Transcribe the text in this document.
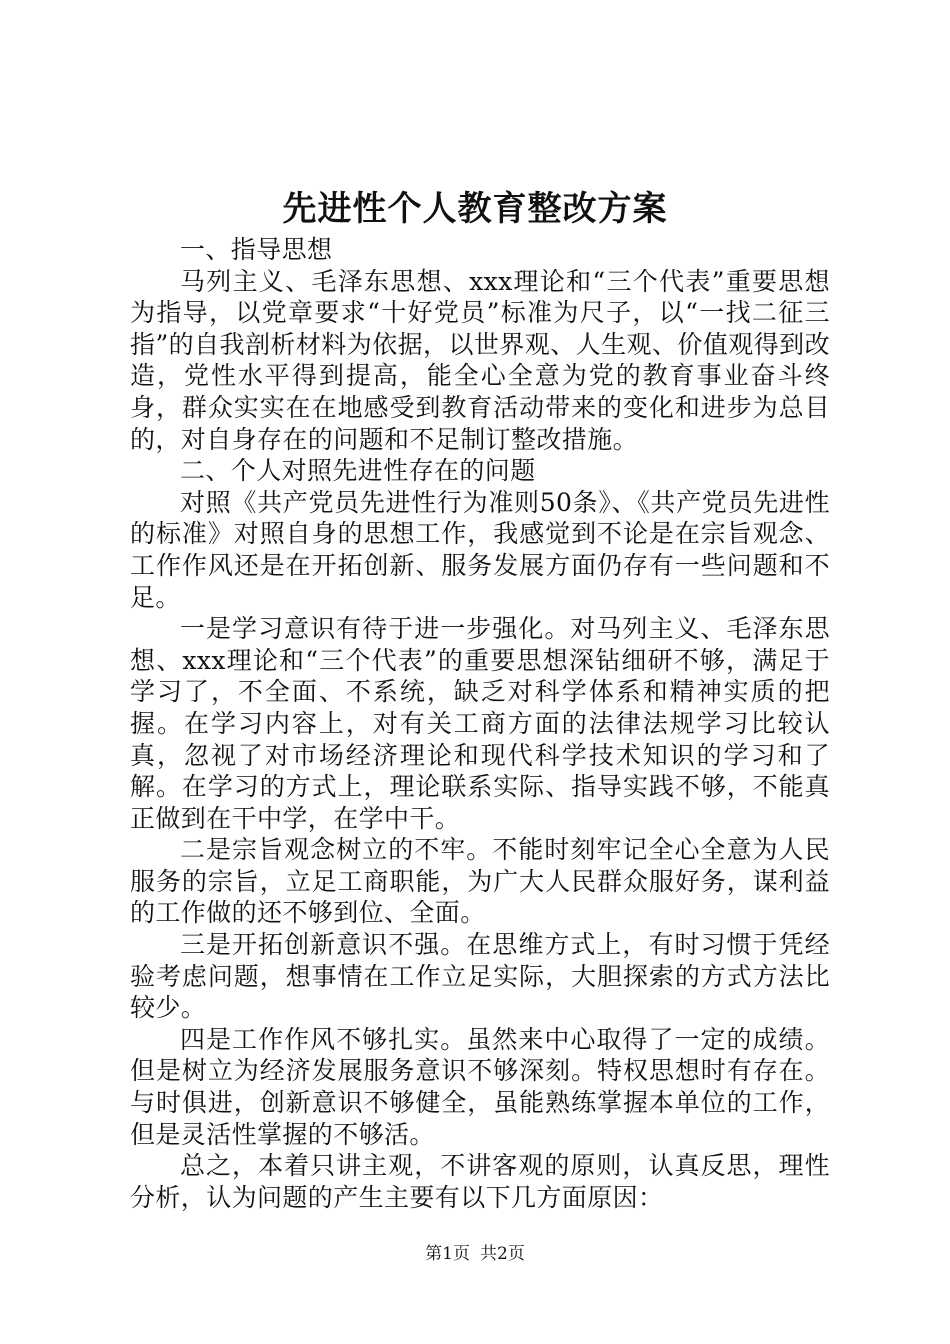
先进性个人教育整改方案

一、指导思想

马列主义、毛泽东思想、xxx理论和“三个代表”重要思想为指导，以党章要求“十好党员”标准为尺子，以“一找二征三指”的自我剖析材料为依据，以世界观、人生观、价值观得到改造，党性水平得到提高，能全心全意为党的教育事业奋斗终身，群众实实在在地感受到教育活动带来的变化和进步为总目的，对自身存在的问题和不足制订整改措施。

二、个人对照先进性存在的问题

对照《共产党员先进性行为准则50条》、《共产党员先进性的标准》对照自身的思想工作，我感觉到不论是在宗旨观念、工作作风还是在开拓创新、服务发展方面仍存有一些问题和不足。

一是学习意识有待于进一步强化。对马列主义、毛泽东思想、xxx理论和“三个代表”的重要思想深钻细研不够，满足于学习了，不全面、不系统，缺乏对科学体系和精神实质的把握。在学习内容上，对有关工商方面的法律法规学习比较认真，忽视了对市场经济理论和现代科学技术知识的学习和了解。在学习的方式上，理论联系实际、指导实践不够，不能真正做到在干中学，在学中干。

二是宗旨观念树立的不牢。不能时刻牢记全心全意为人民服务的宗旨，立足工商职能，为广大人民群众服好务，谋利益的工作做的还不够到位、全面。

三是开拓创新意识不强。在思维方式上，有时习惯于凭经验考虑问题，想事情在工作立足实际，大胆探索的方式方法比较少。

四是工作作风不够扎实。虽然来中心取得了一定的成绩。但是树立为经济发展服务意识不够深刻。特权思想时有存在。与时俱进，创新意识不够健全，虽能熟练掌握本单位的工作，但是灵活性掌握的不够活。

总之，本着只讲主观，不讲客观的原则，认真反思，理性分析，认为问题的产生主要有以下几方面原因：

第1页 共2页
